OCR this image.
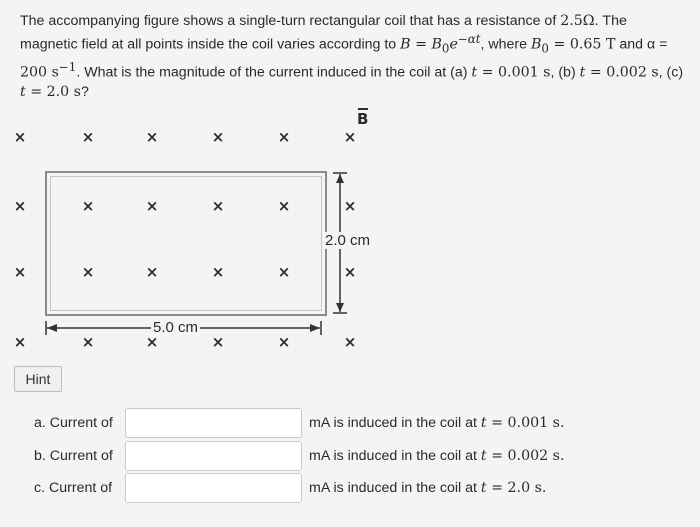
The accompanying figure shows a single-turn rectangular coil that has a resistance of 2.5Ω. The magnetic field at all points inside the coil varies according to $B = B_0e^{-\alpha t}$, where $B_0 = 0.65$ T and α = 200 $s^{-1}$. What is the magnitude of the current induced in the coil at (a) t = 0.001 s, (b) t = 0.002 s, (c) t = 2.0 s?
B
2.0 cm
5.0 cm
×	×	×	×	×	×
×	×	×	×	×	×
×	×	×	×	×	×
×	×	×	×	×	×
Hint
a. Current of	mA is induced in the coil at t = 0.001 s.
b. Current of	mA is induced in the coil at t = 0.002 s.
c. Current of	mA is induced in the coil at t = 2.0 s.
